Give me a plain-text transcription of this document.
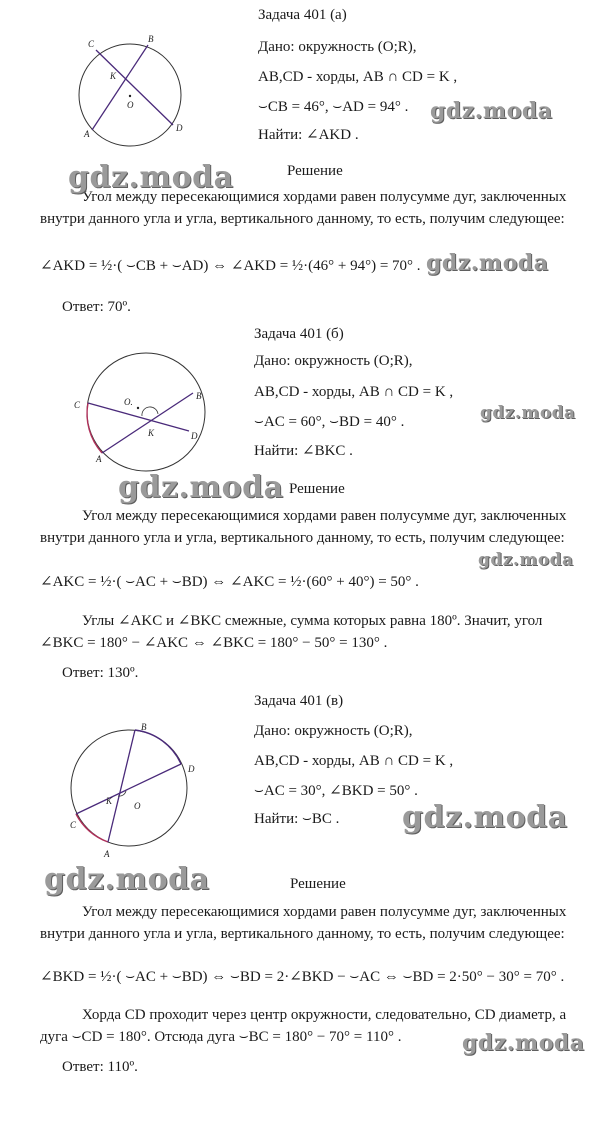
Задача 401 (а)
A
B
C
D
K
O
Дано: окружность (O;R),
AB,CD - хорды, AB ∩ CD = K ,
⌣CB = 46°, ⌣AD = 94° .
Найти: ∠AKD .
Решение
Угол между пересекающимися хордами равен полусумме дуг, заключенных внутри данного угла и угла, вертикального данному, то есть, получим следующее:
∠AKD = ½·( ⌣CB + ⌣AD) ⇔ ∠AKD = ½·(46° + 94°) = 70° .
Ответ: 70º.
Задача 401 (б)
A
B
C
D
K
O.
Дано: окружность (O;R),
AB,CD - хорды, AB ∩ CD = K ,
⌣AC = 60°, ⌣BD = 40° .
Найти: ∠BKC .
Решение
Угол между пересекающимися хордами равен полусумме дуг, заключенных внутри данного угла и угла, вертикального данному, то есть, получим следующее:
∠AKC = ½·( ⌣AC + ⌣BD) ⇔ ∠AKC = ½·(60° + 40°) = 50° .
Углы ∠AKC и ∠BKC смежные, сумма которых равна 180º. Значит, угол ∠BKC = 180° − ∠AKC ⇔ ∠BKC = 180° − 50° = 130° .
Ответ: 130º.
Задача 401 (в)
A
B
C
D
K O
Дано: окружность (O;R),
AB,CD - хорды, AB ∩ CD = K ,
⌣AC = 30°, ∠BKD = 50° .
Найти: ⌣BC .
Решение
Угол между пересекающимися хордами равен полусумме дуг, заключенных внутри данного угла и угла, вертикального данному, то есть, получим следующее:
∠BKD = ½·( ⌣AC + ⌣BD) ⇔ ⌣BD = 2·∠BKD − ⌣AC ⇔ ⌣BD = 2·50° − 30° = 70° .
Хорда CD проходит через центр окружности, следовательно, CD диаметр, а дуга ⌣CD = 180°. Отсюда дуга ⌣BC = 180° − 70° = 110° .
Ответ: 110º.
gdz.moda
gdz.moda
gdz.moda
gdz.moda
gdz.moda
gdz.moda
gdz.moda
gdz.moda
gdz.moda
